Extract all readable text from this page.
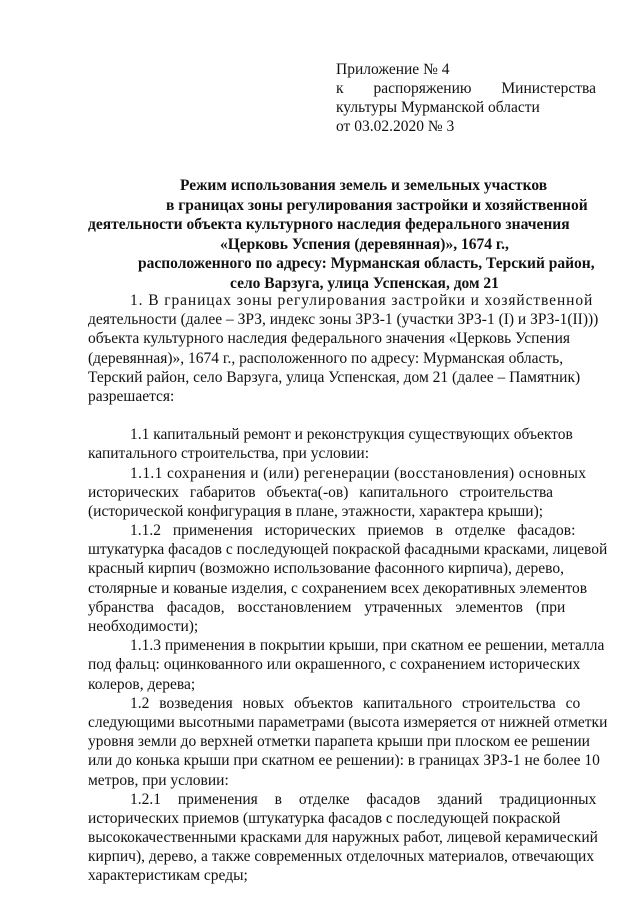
Приложение № 4
к распоряжению Министерства
культуры Мурманской области
от 03.02.2020 № 3
Режим использования земель и земельных участков
в границах зоны регулирования застройки и хозяйственной
деятельности объекта культурного наследия федерального значения
«Церковь Успения (деревянная)», 1674 г.,
расположенного по адресу: Мурманская область, Терский район,
село Варзуга, улица Успенская, дом 21
1. В границах зоны регулирования застройки и хозяйственной
деятельности (далее – ЗРЗ, индекс зоны ЗРЗ-1 (участки ЗРЗ-1 (I) и ЗРЗ-1(II)))
объекта культурного наследия федерального значения «Церковь Успения
(деревянная)», 1674 г., расположенного по адресу: Мурманская область,
Терский район, село Варзуга, улица Успенская, дом 21 (далее – Памятник)
разрешается:
1.1 капитальный ремонт и реконструкция существующих объектов
капитального строительства, при условии:
1.1.1 сохранения и (или) регенерации (восстановления) основных
исторических габаритов объекта(-ов) капитального строительства
(исторической конфигурация в плане, этажности, характера крыши);
1.1.2 применения исторических приемов в отделке фасадов:
штукатурка фасадов с последующей покраской фасадными красками, лицевой
красный кирпич (возможно использование фасонного кирпича), дерево,
столярные и кованые изделия, с сохранением всех декоративных элементов
убранства фасадов, восстановлением утраченных элементов (при
необходимости);
1.1.3 применения в покрытии крыши, при скатном ее решении, металла
под фальц: оцинкованного или окрашенного, с сохранением исторических
колеров, дерева;
1.2 возведения новых объектов капитального строительства со
следующими высотными параметрами (высота измеряется от нижней отметки
уровня земли до верхней отметки парапета крыши при плоском ее решении
или до конька крыши при скатном ее решении): в границах ЗРЗ-1 не более 10
метров, при условии:
1.2.1 применения в отделке фасадов зданий традиционных
исторических приемов (штукатурка фасадов с последующей покраской
высококачественными красками для наружных работ, лицевой керамический
кирпич), дерево, а также современных отделочных материалов, отвечающих
характеристикам среды;
